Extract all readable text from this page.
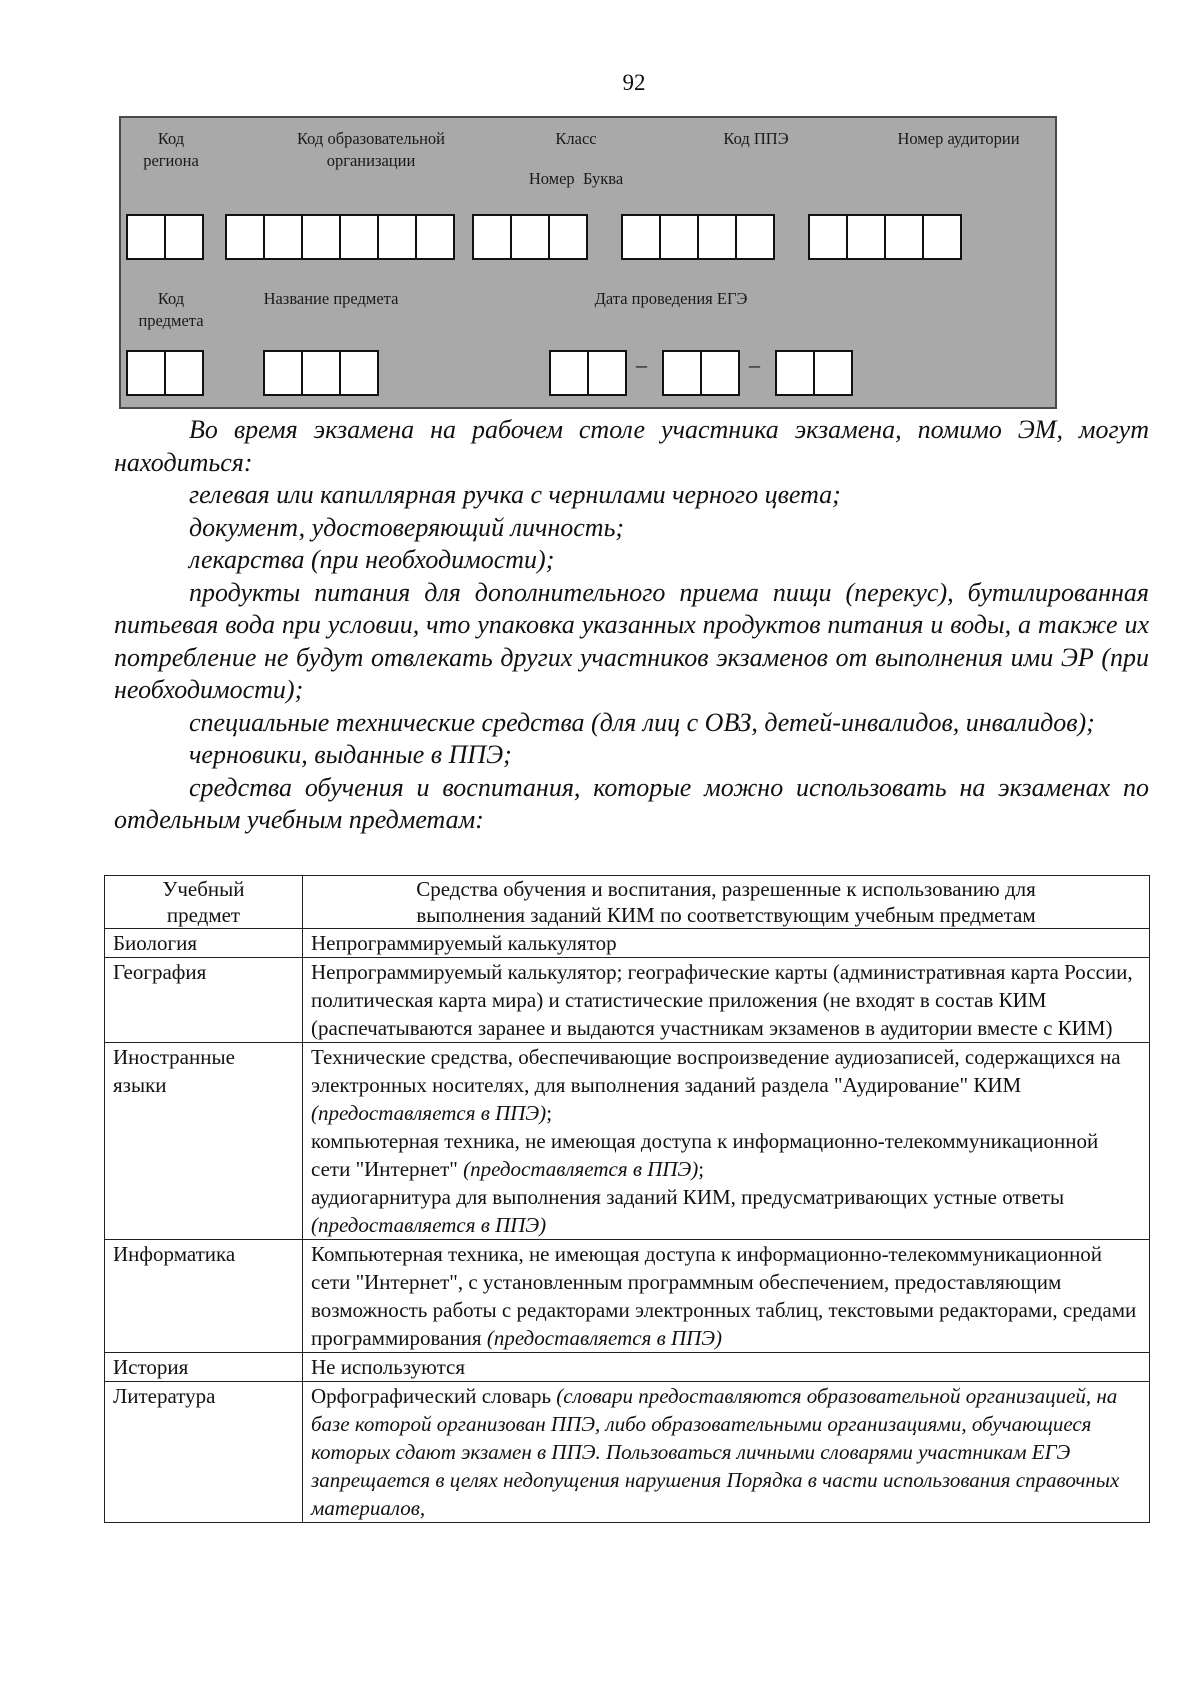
92
Код
региона
Код образовательной
организации
Класс
Номер Буква
Код ППЭ	Номер аудитории
Код
предмета
Название предмета	Дата проведения ЕГЭ
–	–

Во время экзамена на рабочем столе участника экзамена, помимо ЭМ, могут находиться:

гелевая или капиллярная ручка с чернилами черного цвета;

документ, удостоверяющий личность;

лекарства (при необходимости);

продукты питания для дополнительного приема пищи (перекус), бутилированная питьевая вода при условии, что упаковка указанных продуктов питания и воды, а также их потребление не будут отвлекать других участников экзаменов от выполнения ими ЭР (при необходимости);

специальные технические средства (для лиц с ОВЗ, детей-инвалидов, инвалидов);

черновики, выданные в ППЭ;

средства обучения и воспитания, которые можно использовать на экзаменах по отдельным учебным предметам:

Учебный
предмет	Средства обучения и воспитания, разрешенные к использованию для
выполнения заданий КИМ по соответствующим учебным предметам

Биология	Непрограммируемый калькулятор
География	Непрограммируемый калькулятор; географические карты (административная карта России, политическая карта мира) и статистические приложения (не входят в состав КИМ (распечатываются заранее и выдаются участникам экзаменов в аудитории вместе с КИМ)

Иностранные
языки	Технические средства, обеспечивающие воспроизведение аудиозаписей, содержащихся на электронных носителях, для выполнения заданий раздела "Аудирование" КИМ (предоставляется в ППЭ);
компьютерная техника, не имеющая доступа к информационно-телекоммуникационной сети "Интернет" (предоставляется в ППЭ);
аудиогарнитура для выполнения заданий КИМ, предусматривающих устные ответы (предоставляется в ППЭ)
Информатика	Компьютерная техника, не имеющая доступа к информационно-телекоммуникационной сети "Интернет", с установленным программным обеспечением, предоставляющим возможность работы с редакторами электронных таблиц, текстовыми редакторами, средами программирования (предоставляется в ППЭ)
История	Не используются
Литература	Орфографический словарь (словари предоставляются образовательной организацией, на базе которой организован ППЭ, либо образовательными организациями, обучающиеся которых сдают экзамен в ППЭ. Пользоваться личными словарями участникам ЕГЭ запрещается в целях недопущения нарушения Порядка в части использования справочных материалов,
